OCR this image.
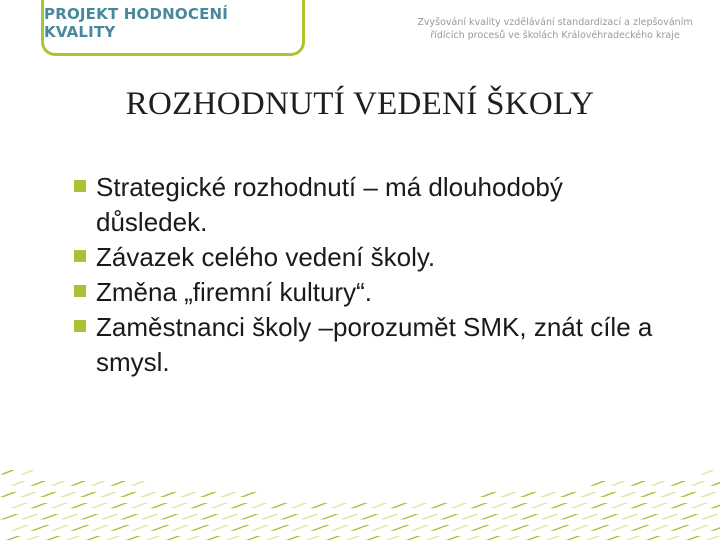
PROJEKT HODNOCENÍ KVALITY	Zvyšování kvality vzdělávání standardizací a zlepšováním
řídících procesů ve školách Královéhradeckého kraje
ROZHODNUTÍ VEDENÍ ŠKOLY
Strategické rozhodnutí – má dlouhodobý důsledek.
Závazek celého vedení školy.
Změna „firemní kultury“.
Zaměstnanci školy –porozumět SMK, znát cíle a smysl.
